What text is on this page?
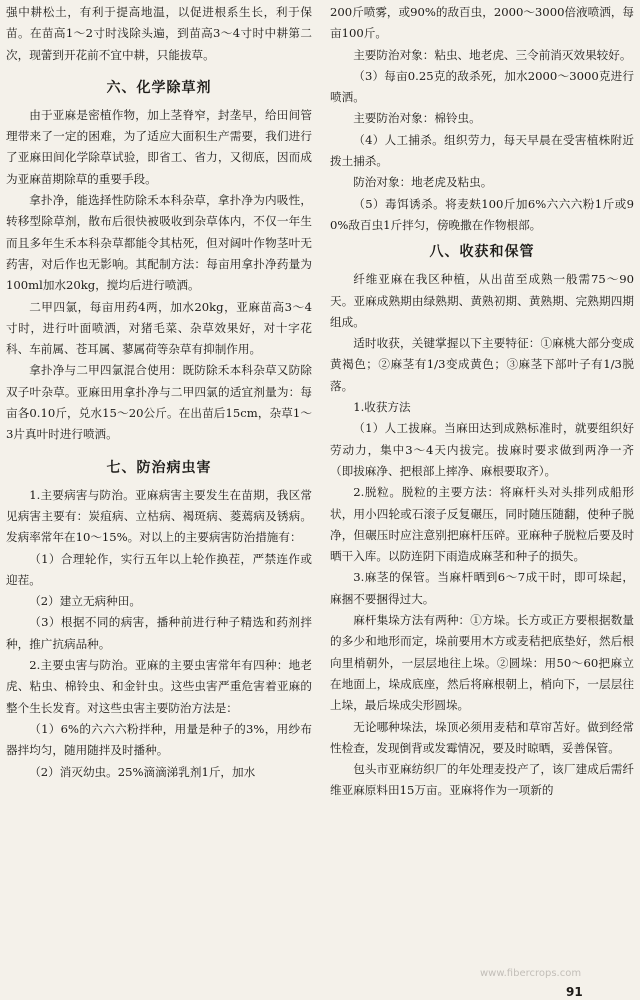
强中耕松土，有利于提高地温，以促进根系生长，利于保苗。在苗高1～2寸时浅除头遍，到苗高3～4寸时中耕第二次，现蕾到开花前不宜中耕，只能拔草。

六、化学除草剂

由于亚麻是密植作物，加上茎脊窄，封垄早，给田间管理带来了一定的困难，为了适应大面积生产需要，我们进行了亚麻田间化学除草试验，即省工、省力，又彻底，因而成为亚麻苗期除草的重要手段。

拿扑净，能选择性防除禾本科杂草，拿扑净为内吸性，转移型除草剂，散布后很快被吸收到杂草体内，不仅一年生而且多年生禾本科杂草都能令其枯死，但对阔叶作物茎叶无药害，对后作也无影响。其配制方法：每亩用拿扑净药量为100ml加水20kg，搅均后进行喷洒。

二甲四氯，每亩用药4两，加水20kg，亚麻苗高3～4寸时，进行叶面喷洒，对猪毛菜、杂草效果好，对十字花科、车前属、苍耳属、蓼属荷等杂草有抑制作用。

拿扑净与二甲四氯混合使用：既防除禾本科杂草又防除双子叶杂草。亚麻田用拿扑净与二甲四氯的适宜剂量为：每亩各0.10斤，兑水15～20公斤。在出苗后15cm，杂草1～3片真叶时进行喷洒。

七、防治病虫害

1.主要病害与防治。亚麻病害主要发生在苗期，我区常见病害主要有：炭疽病、立枯病、褐斑病、菱蔫病及锈病。发病率常年在10～15%。对以上的主要病害防治措施有：

（1）合理轮作，实行五年以上轮作换茬，严禁连作或迎茬。

（2）建立无病种田。

（3）根据不同的病害，播种前进行种子精选和药剂拌种，推广抗病品种。

2.主要虫害与防治。亚麻的主要虫害常年有四种：地老虎、粘虫、棉铃虫、和金针虫。这些虫害严重危害着亚麻的整个生长发育。对这些虫害主要防治方法是：

（1）6%的六六六粉拌种，用量是种子的3%，用纱布器拌均匀，随用随拌及时播种。

（2）消灭幼虫。25%滴滴涕乳剂1斤，加水

200斤喷雾，或90%的敌百虫，2000～3000倍液喷洒，每亩100斤。

主要防治对象：粘虫、地老虎、三令前消灭效果较好。

（3）每亩0.25克的敌杀死，加水2000～3000克进行喷洒。

主要防治对象：棉铃虫。

（4）人工捕杀。组织劳力，每天早晨在受害植株附近拨土捕杀。

防治对象：地老虎及粘虫。

（5）毒饵诱杀。将麦麸100斤加6%六六六粉1斤或90%敌百虫1斤拌匀，傍晚撒在作物根部。

八、收获和保管

纤维亚麻在我区种植，从出苗至成熟一般需75～90天。亚麻成熟期由绿熟期、黄熟初期、黄熟期、完熟期四期组成。

适时收获，关键掌握以下主要特征：①麻桃大部分变成黄褐色；②麻茎有1/3变成黄色；③麻茎下部叶子有1/3脱落。

1.收获方法

（1）人工拔麻。当麻田达到成熟标准时，就要组织好劳动力，集中3～4天内拔完。拔麻时要求做到两净一齐（即拔麻净、把根部上摔净、麻根要取齐）。

2.脱粒。脱粒的主要方法：将麻杆头对头排列成船形状，用小四轮或石滚子反复碾压，同时随压随翻，使种子脱净，但碾压时应注意别把麻杆压碎。亚麻种子脱粒后要及时晒干入库。以防连阴下雨造成麻茎和种子的损失。

3.麻茎的保管。当麻杆晒到6～7成干时，即可垛起，麻捆不要捆得过大。

麻杆集垛方法有两种：①方垛。长方或正方要根据数量的多少和地形而定，垛前要用木方或麦秸把底垫好，然后根向里梢朝外，一层层地往上垛。②圆垛：用50～60把麻立在地面上，垛成底座，然后将麻根朝上，梢向下，一层层往上垛，最后垛成尖形圆垛。

无论哪种垛法，垛顶必须用麦秸和草帘苫好。做到经常性检查，发现倒背或发霉情况，要及时晾晒，妥善保管。

包头市亚麻纺织厂的年处理麦投产了，该厂建成后需纤维亚麻原料田15万亩。亚麻将作为一项新的

www.fibercrops.com
91
